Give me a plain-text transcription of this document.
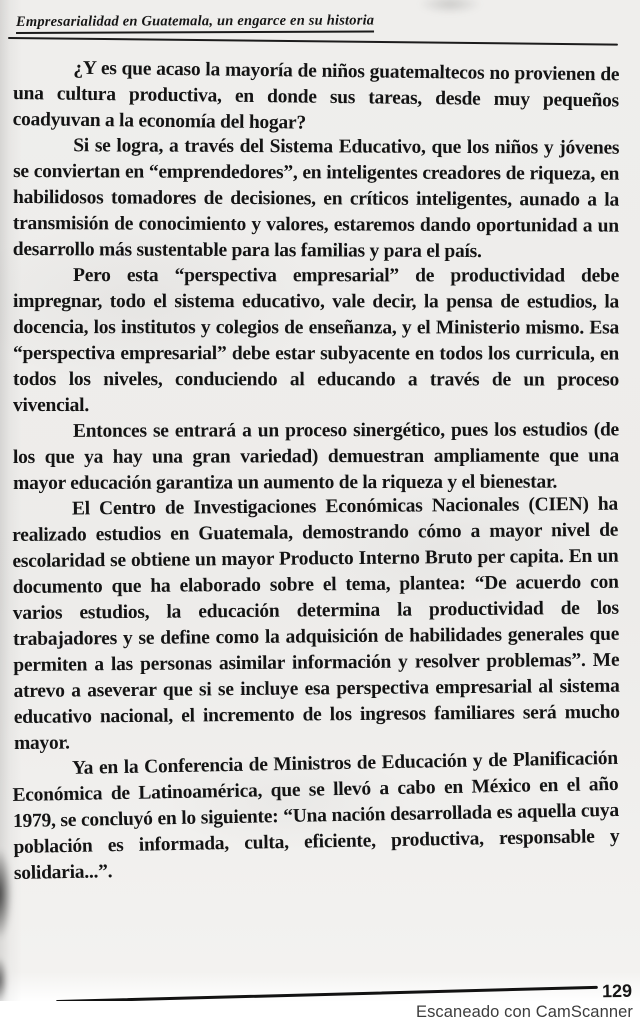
Empresarialidad en Guatemala, un engarce en su historia

¿Y es que acaso la mayoría de niños guatemaltecos no provienen de una cultura productiva, en donde sus tareas, desde muy pequeños coadyuvan a la economía del hogar?

Si se logra, a través del Sistema Educativo, que los niños y jóvenes se conviertan en “emprendedores”, en inteligentes creadores de riqueza, en habilidosos tomadores de decisiones, en críticos inteligentes, aunado a la transmisión de conocimiento y valores, estaremos dando oportunidad a un desarrollo más sustentable para las familias y para el país.

Pero esta “perspectiva empresarial” de productividad debe impregnar, todo el sistema educativo, vale decir, la pensa de estudios, la docencia, los institutos y colegios de enseñanza, y el Ministerio mismo. Esa “perspectiva empresarial” debe estar subyacente en todos los curricula, en todos los niveles, conduciendo al educando a través de un proceso vivencial.

Entonces se entrará a un proceso sinergético, pues los estudios (de los que ya hay una gran variedad) demuestran ampliamente que una mayor educación garantiza un aumento de la riqueza y el bienestar.

El Centro de Investigaciones Económicas Nacionales (CIEN) ha realizado estudios en Guatemala, demostrando cómo a mayor nivel de escolaridad se obtiene un mayor Producto Interno Bruto per capita. En un documento que ha elaborado sobre el tema, plantea: “De acuerdo con varios estudios, la educación determina la productividad de los trabajadores y se define como la adquisición de habilidades generales que permiten a las personas asimilar información y resolver problemas”. Me atrevo a aseverar que si se incluye esa perspectiva empresarial al sistema educativo nacional, el incremento de los ingresos familiares será mucho mayor.

Ya en la Conferencia de Ministros de Educación y de Planificación Económica de Latinoamérica, que se llevó a cabo en México en el año 1979, se concluyó en lo siguiente: “Una nación desarrollada es aquella cuya población es informada, culta, eficiente, productiva, responsable y solidaria...”.

129
Escaneado con CamScanner
